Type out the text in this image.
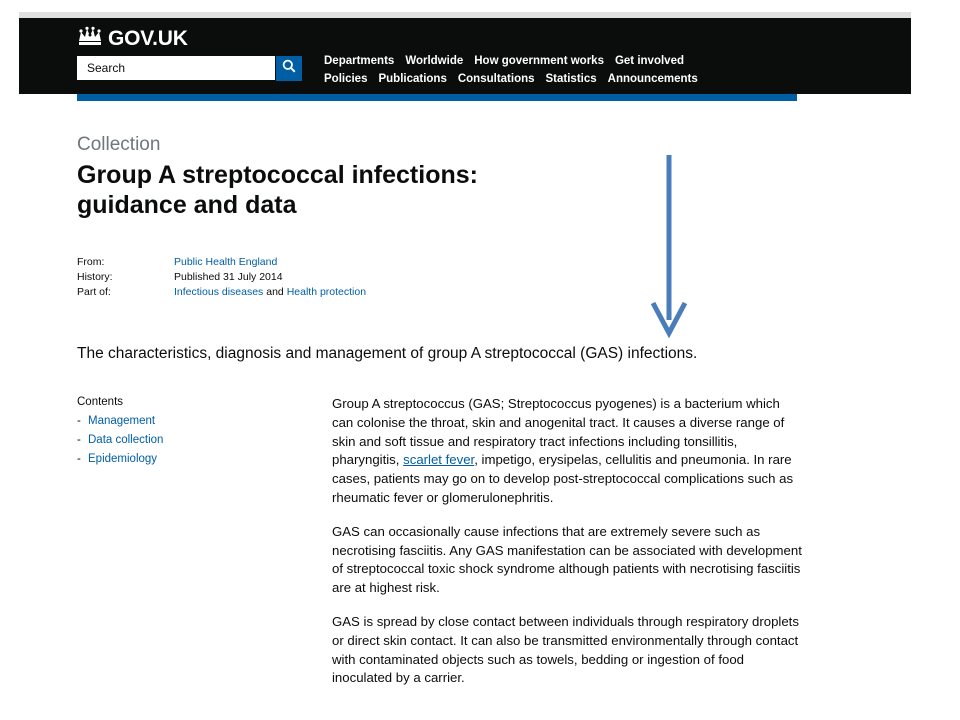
GOV.UK
Search
Departments Worldwide How government works Get involved
Policies Publications Consultations Statistics Announcements
Collection
Group A streptococcal infections:
guidance and data
From:	Public Health England
History:	Published 31 July 2014
Part of:	Infectious diseases and Health protection
The characteristics, diagnosis and management of group A streptococcal (GAS) infections.
Contents
- Management
- Data collection
- Epidemiology

Group A streptococcus (GAS; Streptococcus pyogenes) is a bacterium which can colonise the throat, skin and anogenital tract. It causes a diverse range of skin and soft tissue and respiratory tract infections including tonsillitis, pharyngitis, scarlet fever, impetigo, erysipelas, cellulitis and pneumonia. In rare cases, patients may go on to develop post-streptococcal complications such as rheumatic fever or glomerulonephritis.

GAS can occasionally cause infections that are extremely severe such as necrotising fasciitis. Any GAS manifestation can be associated with development of streptococcal toxic shock syndrome although patients with necrotising fasciitis are at highest risk.

GAS is spread by close contact between individuals through respiratory droplets or direct skin contact. It can also be transmitted environmentally through contact with contaminated objects such as towels, bedding or ingestion of food inoculated by a carrier.
